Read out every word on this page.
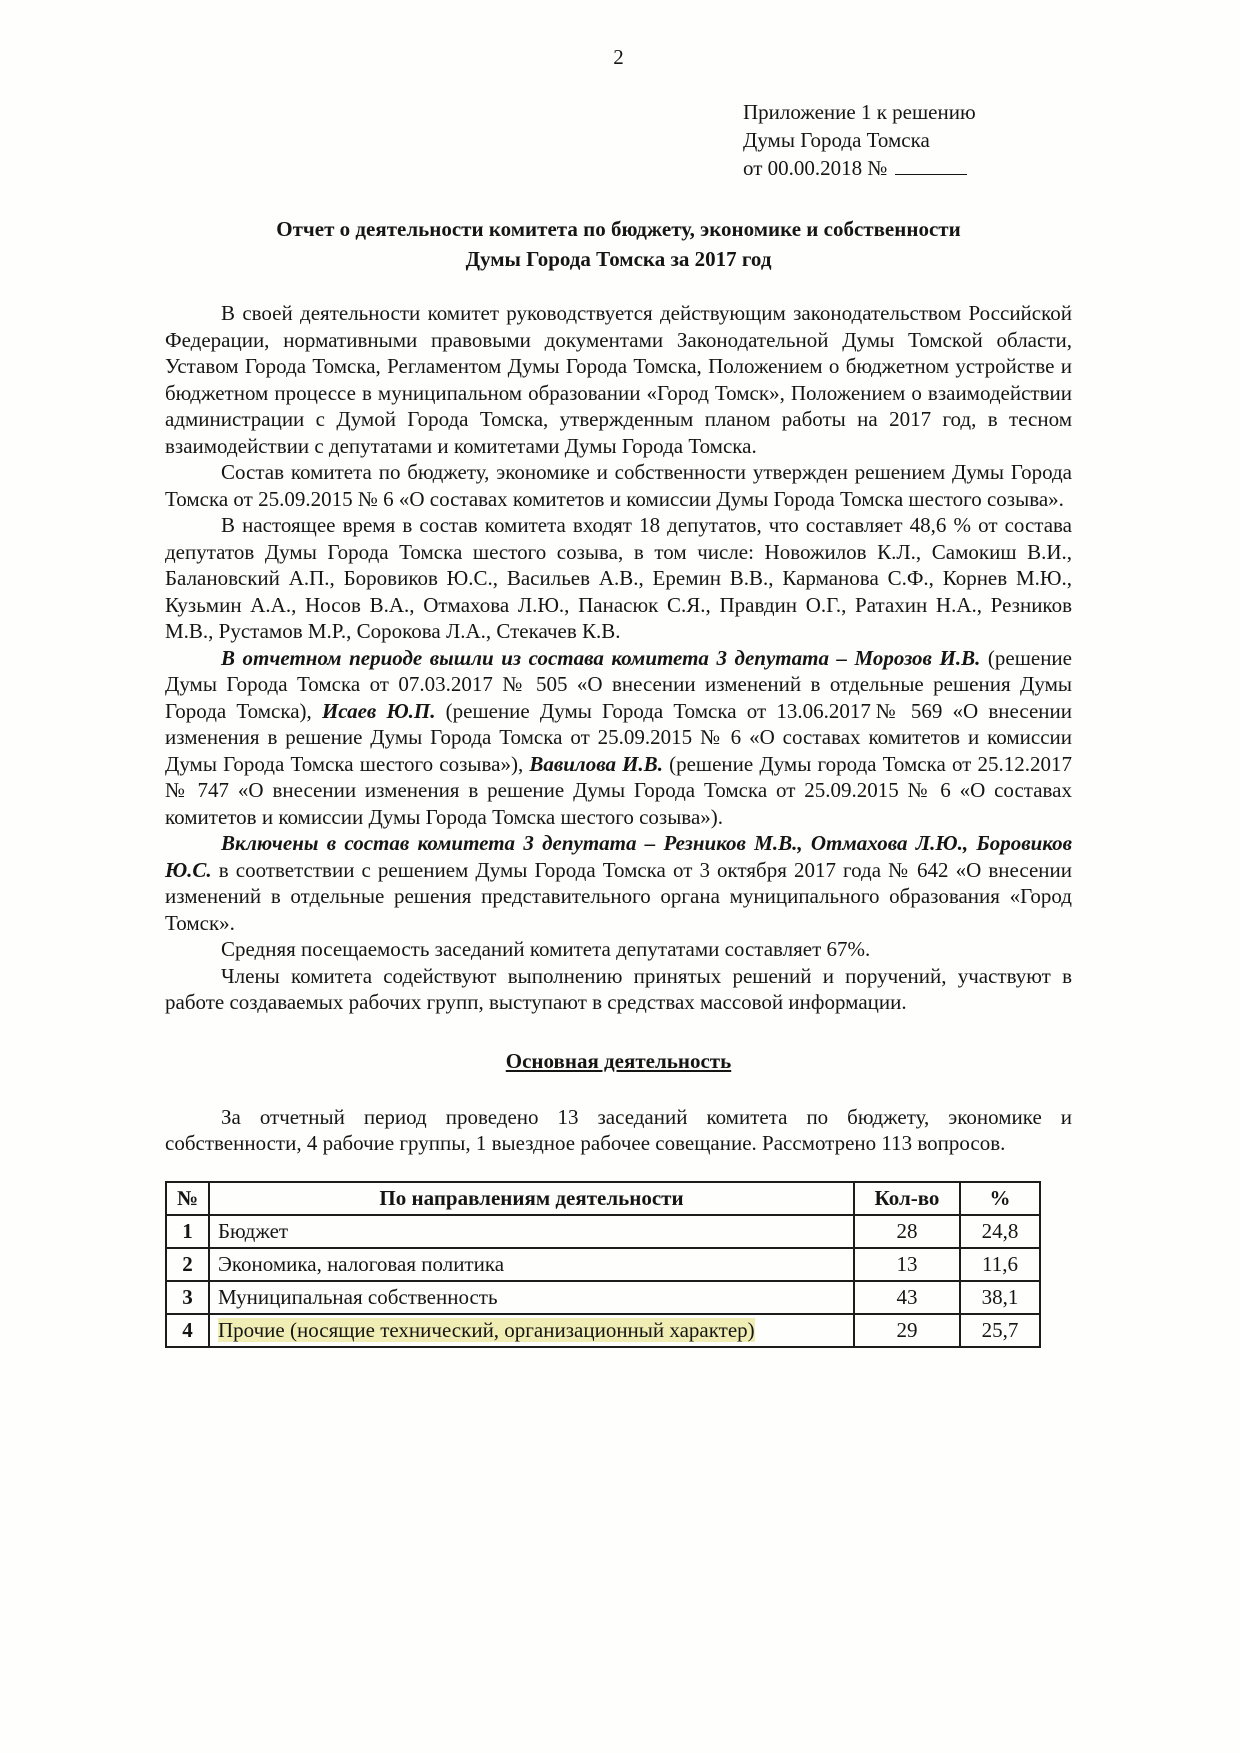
2
Приложение 1 к решению
Думы Города Томска
от 00.00.2018 №
Отчет о деятельности комитета по бюджету, экономике и собственности
Думы Города Томска за 2017 год

В своей деятельности комитет руководствуется действующим законодательством Российской Федерации, нормативными правовыми документами Законодательной Думы Томской области, Уставом Города Томска, Регламентом Думы Города Томска, Положением о бюджетном устройстве и бюджетном процессе в муниципальном образовании «Город Томск», Положением о взаимодействии администрации с Думой Города Томска, утвержденным планом работы на 2017 год, в тесном взаимодействии с депутатами и комитетами Думы Города Томска.

Состав комитета по бюджету, экономике и собственности утвержден решением Думы Города Томска от 25.09.2015 № 6 «О составах комитетов и комиссии Думы Города Томска шестого созыва».

В настоящее время в состав комитета входят 18 депутатов, что составляет 48,6 % от состава депутатов Думы Города Томска шестого созыва, в том числе: Новожилов К.Л., Самокиш В.И., Балановский А.П., Боровиков Ю.С., Васильев А.В., Еремин В.В., Карманова С.Ф., Корнев М.Ю., Кузьмин А.А., Носов В.А., Отмахова Л.Ю., Панасюк С.Я., Правдин О.Г., Ратахин Н.А., Резников М.В., Рустамов М.Р., Сорокова Л.А., Стекачев К.В.

В отчетном периоде вышли из состава комитета 3 депутата – Морозов И.В. (решение Думы Города Томска от 07.03.2017 № 505 «О внесении изменений в отдельные решения Думы Города Томска), Исаев Ю.П. (решение Думы Города Томска от 13.06.2017№ 569 «О внесении изменения в решение Думы Города Томска от 25.09.2015 № 6 «О составах комитетов и комиссии Думы Города Томска шестого созыва»), Вавилова И.В. (решение Думы города Томска от 25.12.2017 № 747 «О внесении изменения в решение Думы Города Томска от 25.09.2015 № 6 «О составах комитетов и комиссии Думы Города Томска шестого созыва»).

Включены в состав комитета 3 депутата – Резников М.В., Отмахова Л.Ю., Боровиков Ю.С. в соответствии с решением Думы Города Томска от 3 октября 2017 года № 642 «О внесении изменений в отдельные решения представительного органа муниципального образования «Город Томск».

Средняя посещаемость заседаний комитета депутатами составляет 67%.

Члены комитета содействуют выполнению принятых решений и поручений, участвуют в работе создаваемых рабочих групп, выступают в средствах массовой информации.

Основная деятельность

За отчетный период проведено 13 заседаний комитета по бюджету, экономике и собственности, 4 рабочие группы, 1 выездное рабочее совещание. Рассмотрено 113 вопросов.

№	По направлениям деятельности	Кол-во	%
1	Бюджет	28	24,8
2	Экономика, налоговая политика	13	11,6
3	Муниципальная собственность	43	38,1
4	Прочие (носящие технический, организационный характер)	29	25,7
